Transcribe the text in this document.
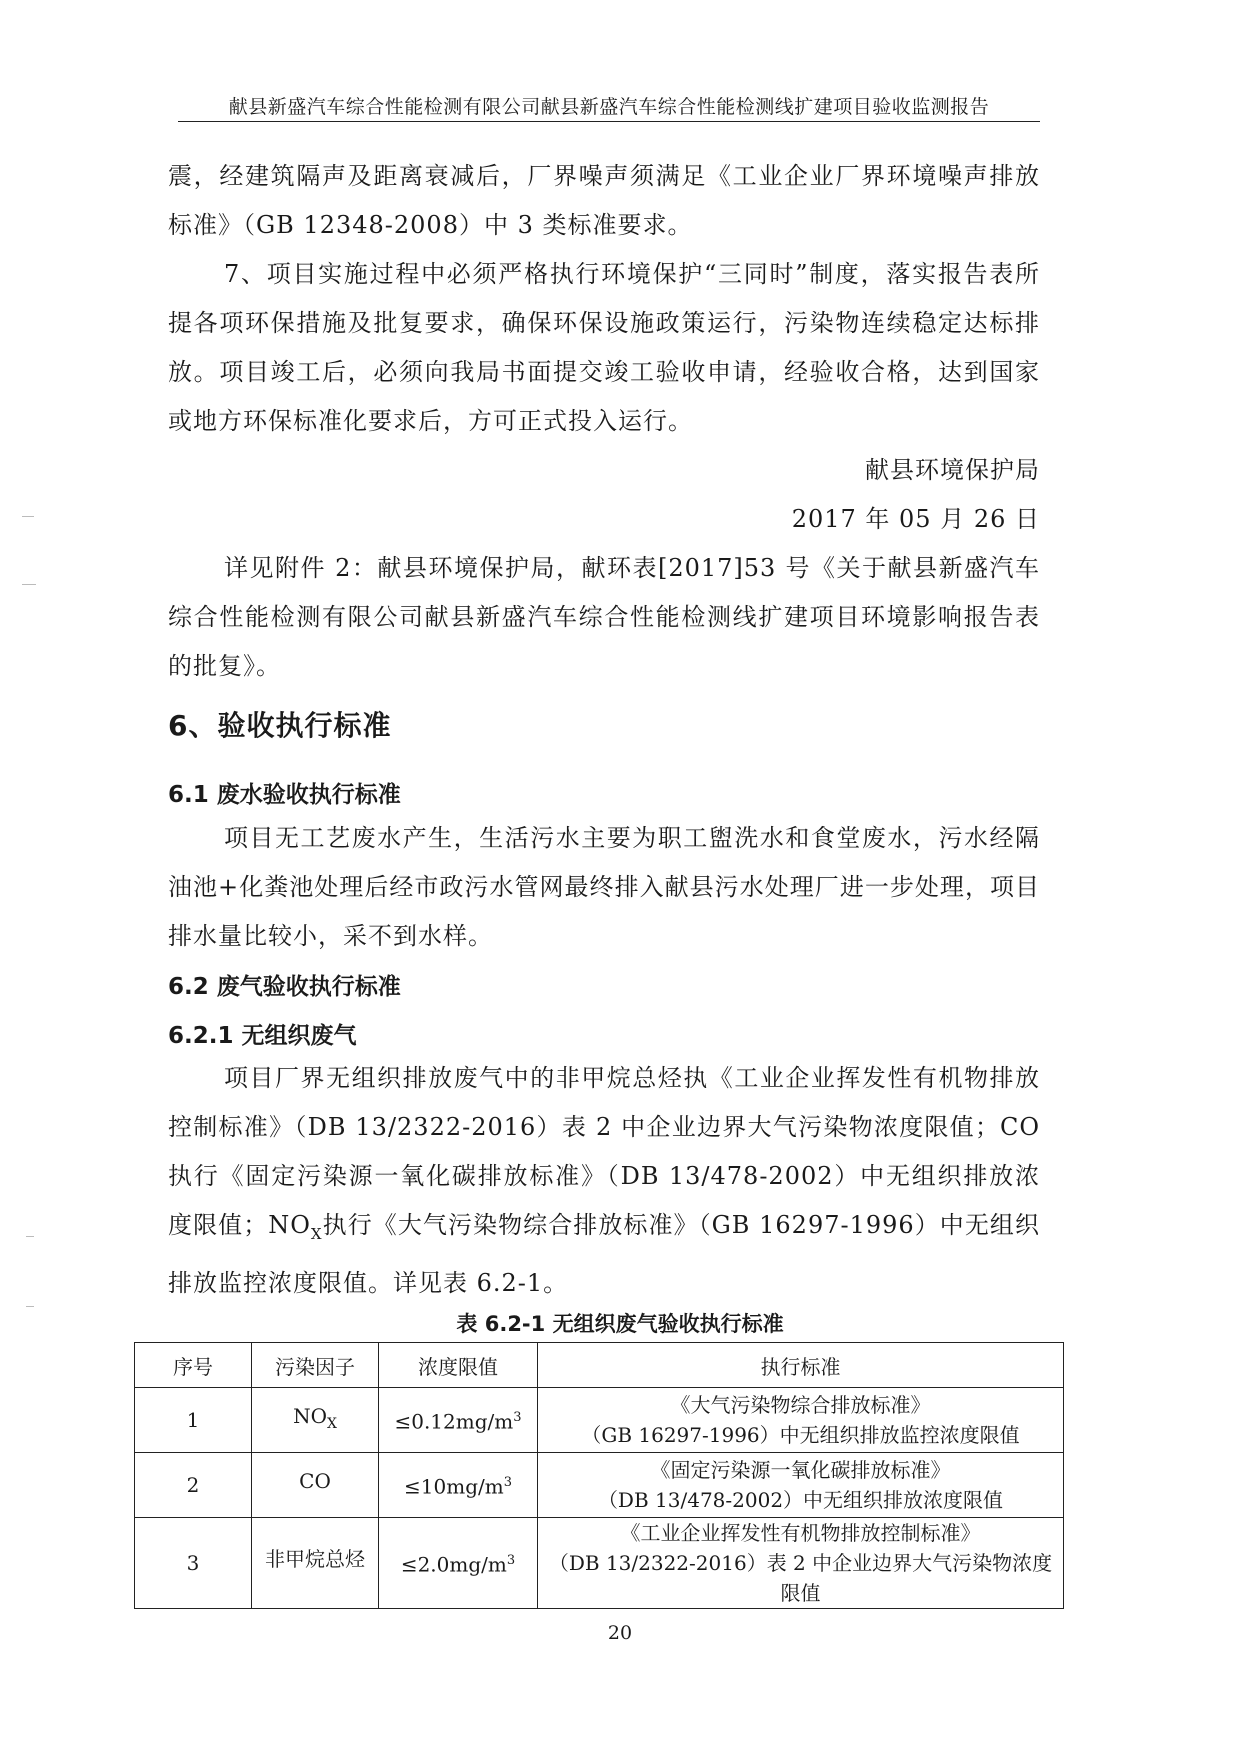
献县新盛汽车综合性能检测有限公司献县新盛汽车综合性能检测线扩建项目验收监测报告

震，经建筑隔声及距离衰减后，厂界噪声须满足《工业企业厂界环境噪声排放标准》（GB 12348-2008）中 3 类标准要求。

7、项目实施过程中必须严格执行环境保护“三同时”制度，落实报告表所提各项环保措施及批复要求，确保环保设施政策运行，污染物连续稳定达标排放。项目竣工后，必须向我局书面提交竣工验收申请，经验收合格，达到国家或地方环保标准化要求后，方可正式投入运行。

献县环境保护局

2017 年 05 月 26 日

详见附件 2：献县环境保护局，献环表[2017]53 号《关于献县新盛汽车综合性能检测有限公司献县新盛汽车综合性能检测线扩建项目环境影响报告表的批复》。

6、验收执行标准
6.1 废水验收执行标准

项目无工艺废水产生，生活污水主要为职工盥洗水和食堂废水，污水经隔油池+化粪池处理后经市政污水管网最终排入献县污水处理厂进一步处理，项目排水量比较小，采不到水样。

6.2 废气验收执行标准
6.2.1 无组织废气

项目厂界无组织排放废气中的非甲烷总烃执《工业企业挥发性有机物排放控制标准》（DB 13/2322-2016）表 2 中企业边界大气污染物浓度限值；CO 执行《固定污染源一氧化碳排放标准》（DB 13/478-2002）中无组织排放浓度限值；$NO_X$执行《大气污染物综合排放标准》（GB 16297-1996）中无组织排放监控浓度限值。详见表 6.2-1。

表 6.2-1 无组织废气验收执行标准
序号	污染因子	浓度限值	执行标准
1	$NO_X$	$\le 0.12mg/m^3$	《大气污染物综合排放标准》
（GB 16297-1996）中无组织排放监控浓度限值

2	CO	$\le 10mg/m^3$	《固定污染源一氧化碳排放标准》
（DB 13/478-2002）中无组织排放浓度限值

3	非甲烷总烃	$\le 2.0mg/m^3$	《工业企业挥发性有机物排放控制标准》
（DB 13/2322-2016）表 2 中企业边界大气污染物浓度限值
20
